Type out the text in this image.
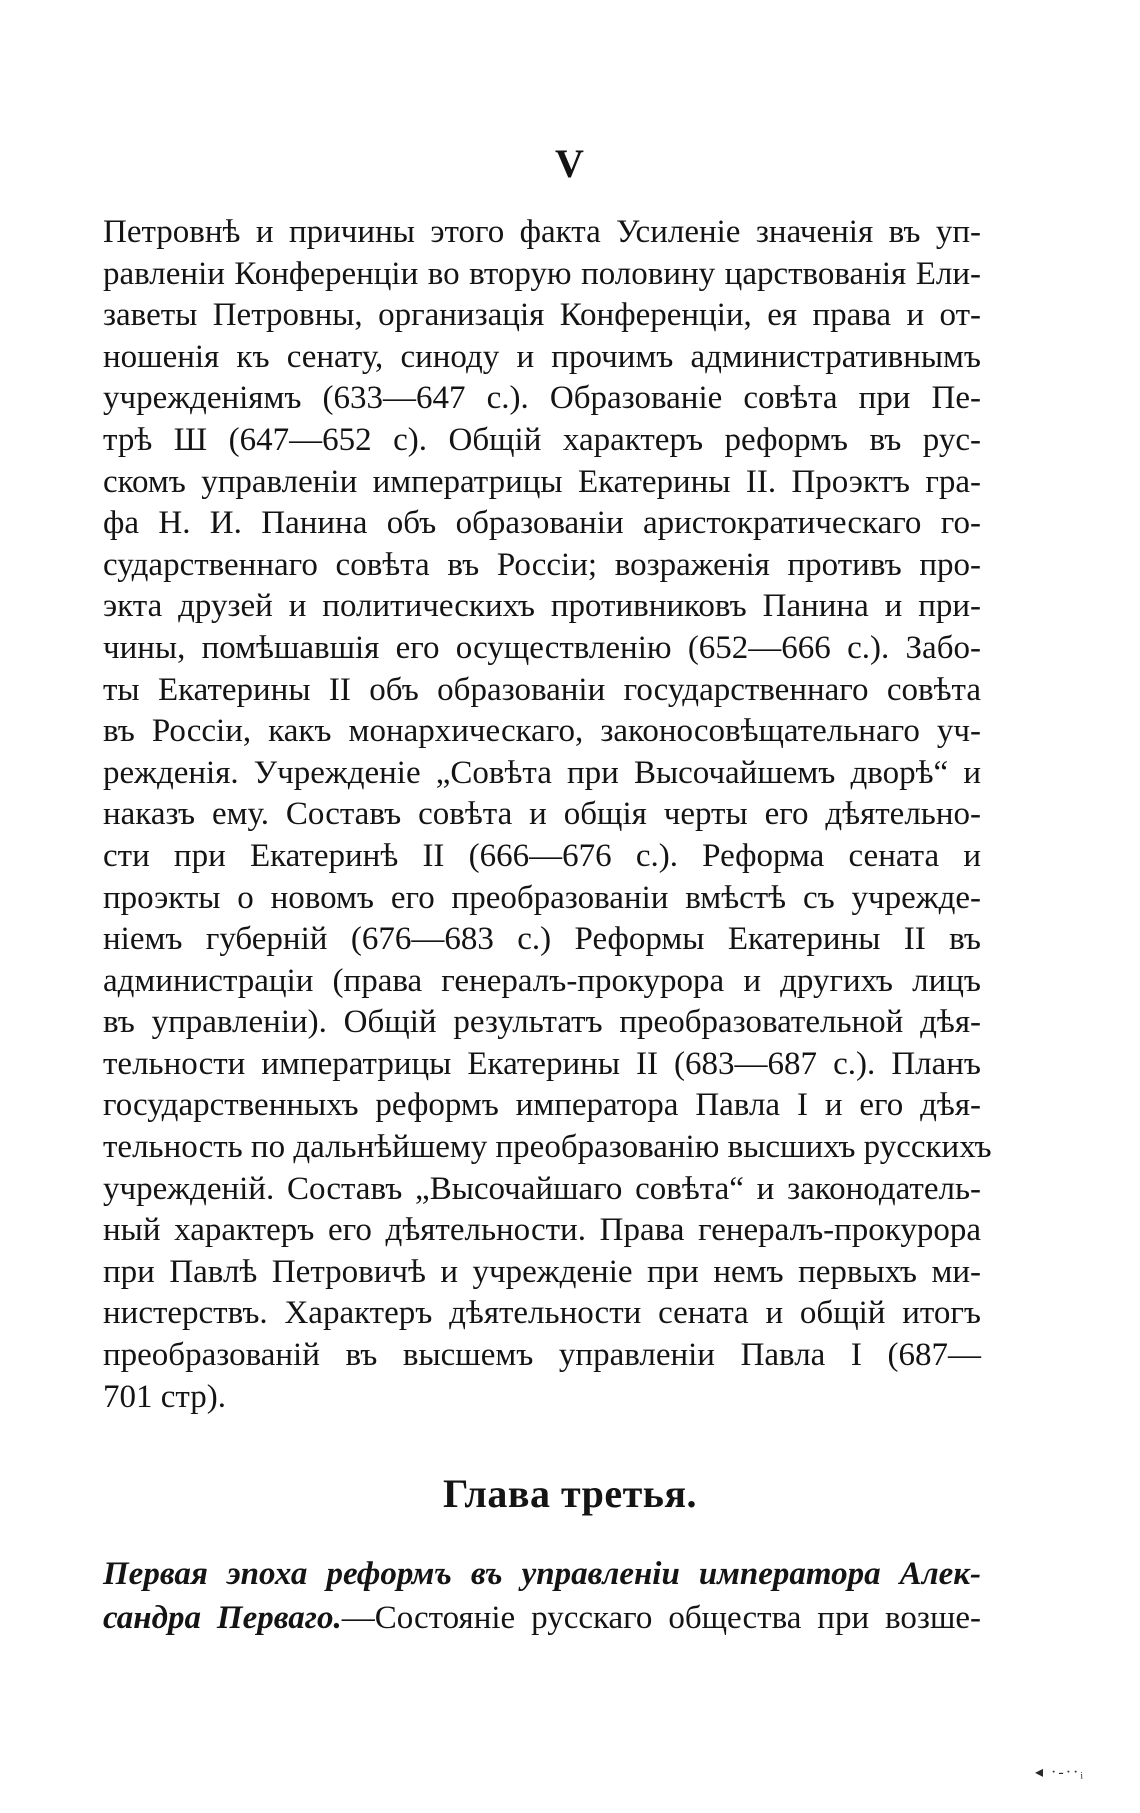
V
Петровнѣ и причины этого факта Усиленіе значенія въ уп-
равленіи Конференціи во вторую половину царствованія Ели-
заветы Петровны, организація Конференціи, ея права и от-
ношенія къ сенату, синоду и прочимъ административнымъ
учрежденіямъ (633—647 с.). Образованіе совѣта при Пе-
трѣ Ш (647—652 с). Общій характеръ реформъ въ рус-
скомъ управленіи императрицы Екатерины II. Проэктъ гра-
фа Н. И. Панина объ образованіи аристократическаго го-
сударственнаго совѣта въ Россіи; возраженія противъ про-
экта друзей и политическихъ противниковъ Панина и при-
чины, помѣшавшія его осуществленію (652—666 с.). Забо-
ты Екатерины II объ образованіи государственнаго совѣта
въ Россіи, какъ монархическаго, законосовѣщательнаго уч-
режденія. Учрежденіе „Совѣта при Высочайшемъ дворѣ“ и
наказъ ему. Составъ совѣта и общія черты его дѣятельно-
сти при Екатеринѣ II (666—676 с.). Реформа сената и
проэкты о новомъ его преобразованіи вмѣстѣ съ учрежде-
ніемъ губерній (676—683 с.) Реформы Екатерины II въ
администраціи (права генералъ-прокурора и другихъ лицъ
въ управленіи). Общій результатъ преобразовательной дѣя-
тельности императрицы Екатерины II (683—687 с.). Планъ
государственныхъ реформъ императора Павла I и его дѣя-
тельность по дальнѣйшему преобразованію высшихъ русскихъ
учрежденій. Составъ „Высочайшаго совѣта“ и законодатель-
ный характеръ его дѣятельности. Права генералъ-прокурора
при Павлѣ Петровичѣ и учрежденіе при немъ первыхъ ми-
нистерствъ. Характеръ дѣятельности сената и общій итогъ
преобразованій въ высшемъ управленіи Павла I (687—
701 стр).
Глава третья.
Первая эпоха реформъ въ управленіи императора Алек-
сандра Перваго.—Состояніе русскаго общества при возше-
◂ ·-··ᵢ
